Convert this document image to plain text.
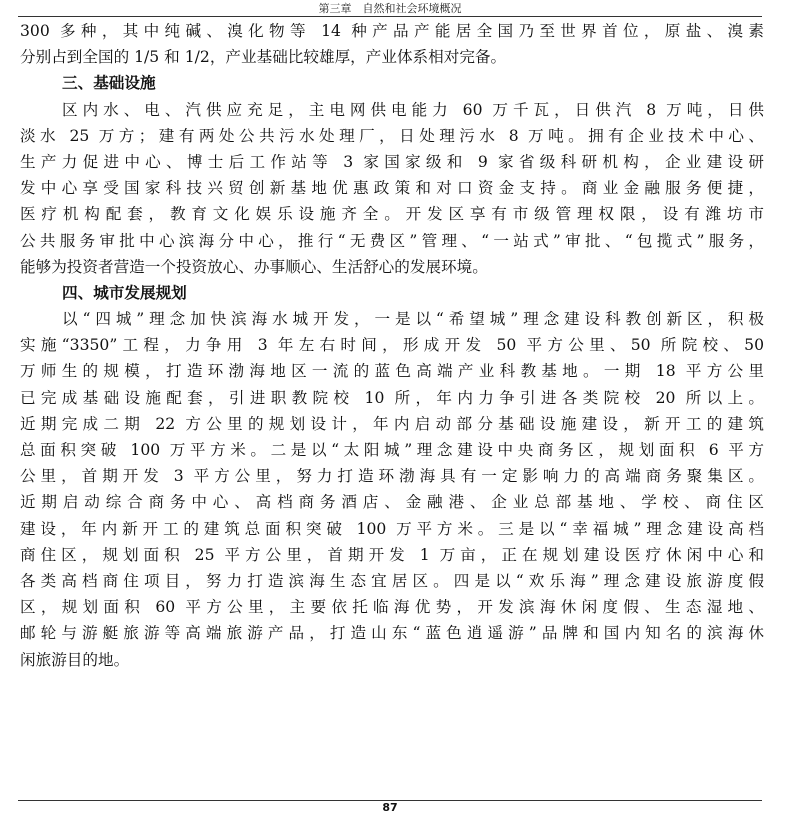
第三章　自然和社会环境概况
300 多种，其中纯碱、溴化物等 14 种产品产能居全国乃至世界首位，原盐、溴素
分别占到全国的 1/5 和 1/2，产业基础比较雄厚，产业体系相对完备。
三、基础设施
区内水、电、汽供应充足，主电网供电能力 60 万千瓦，日供汽 8 万吨，日供
淡水 25 万方；建有两处公共污水处理厂，日处理污水 8 万吨。拥有企业技术中心、
生产力促进中心、博士后工作站等 3 家国家级和 9 家省级科研机构，企业建设研
发中心享受国家科技兴贸创新基地优惠政策和对口资金支持。商业金融服务便捷，
医疗机构配套，教育文化娱乐设施齐全。开发区享有市级管理权限，设有潍坊市
公共服务审批中心滨海分中心，推行“无费区”管理、“一站式”审批、“包揽式”服务，
能够为投资者营造一个投资放心、办事顺心、生活舒心的发展环境。
四、城市发展规划
以“四城”理念加快滨海水城开发，一是以“希望城”理念建设科教创新区，积极
实施“3350”工程，力争用 3 年左右时间，形成开发 50 平方公里、50 所院校、50
万师生的规模，打造环渤海地区一流的蓝色高端产业科教基地。一期 18 平方公里
已完成基础设施配套，引进职教院校 10 所，年内力争引进各类院校 20 所以上。
近期完成二期 22 方公里的规划设计，年内启动部分基础设施建设，新开工的建筑
总面积突破 100 万平方米。二是以“太阳城”理念建设中央商务区，规划面积 6 平方
公里，首期开发 3 平方公里，努力打造环渤海具有一定影响力的高端商务聚集区。
近期启动综合商务中心、高档商务酒店、金融港、企业总部基地、学校、商住区
建设，年内新开工的建筑总面积突破 100 万平方米。三是以“幸福城”理念建设高档
商住区，规划面积 25 平方公里，首期开发 1 万亩，正在规划建设医疗休闲中心和
各类高档商住项目，努力打造滨海生态宜居区。四是以“欢乐海”理念建设旅游度假
区，规划面积 60 平方公里，主要依托临海优势，开发滨海休闲度假、生态湿地、
邮轮与游艇旅游等高端旅游产品，打造山东“蓝色逍遥游”品牌和国内知名的滨海休
闲旅游目的地。
87
